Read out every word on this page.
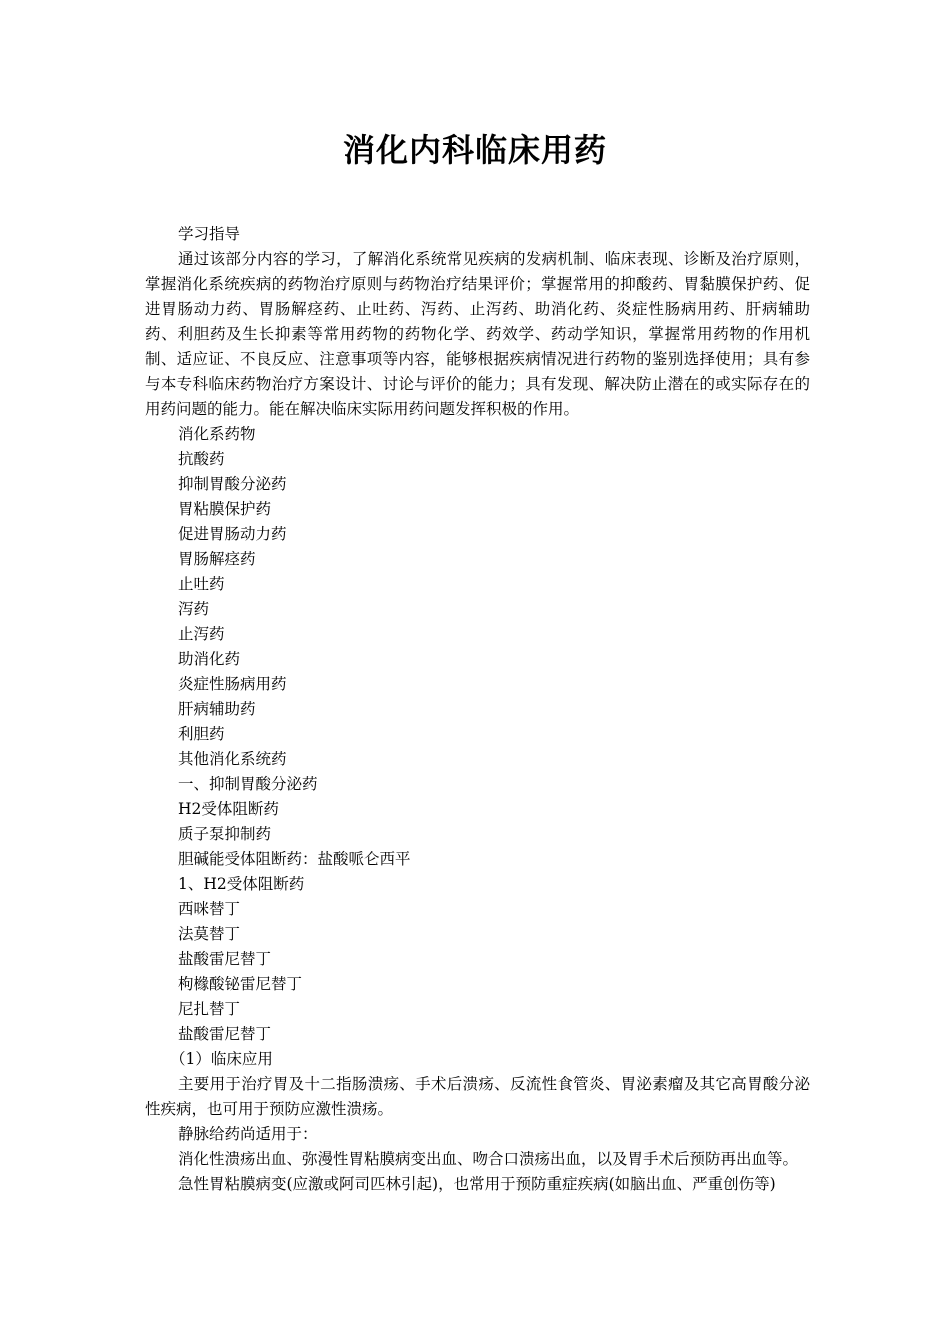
消化内科临床用药

学习指导

通过该部分内容的学习，了解消化系统常见疾病的发病机制、临床表现、诊断及治疗原则，掌握消化系统疾病的药物治疗原则与药物治疗结果评价；掌握常用的抑酸药、胃黏膜保护药、促进胃肠动力药、胃肠解痉药、止吐药、泻药、止泻药、助消化药、炎症性肠病用药、肝病辅助药、利胆药及生长抑素等常用药物的药物化学、药效学、药动学知识，掌握常用药物的作用机制、适应证、不良反应、注意事项等内容，能够根据疾病情况进行药物的鉴别选择使用；具有参与本专科临床药物治疗方案设计、讨论与评价的能力；具有发现、解决防止潜在的或实际存在的用药问题的能力。能在解决临床实际用药问题发挥积极的作用。

消化系药物

抗酸药

抑制胃酸分泌药

胃粘膜保护药

促进胃肠动力药

胃肠解痉药

止吐药

泻药

止泻药

助消化药

炎症性肠病用药

肝病辅助药

利胆药

其他消化系统药

一、抑制胃酸分泌药

H2受体阻断药

质子泵抑制药

胆碱能受体阻断药：盐酸哌仑西平

1、H2受体阻断药

西咪替丁

法莫替丁

盐酸雷尼替丁

枸橼酸铋雷尼替丁

尼扎替丁

盐酸雷尼替丁

（1）临床应用

主要用于治疗胃及十二指肠溃疡、手术后溃疡、反流性食管炎、胃泌素瘤及其它高胃酸分泌性疾病，也可用于预防应激性溃疡。

静脉给药尚适用于：

消化性溃疡出血、弥漫性胃粘膜病变出血、吻合口溃疡出血，以及胃手术后预防再出血等。

急性胃粘膜病变(应激或阿司匹林引起)，也常用于预防重症疾病(如脑出血、严重创伤等)
